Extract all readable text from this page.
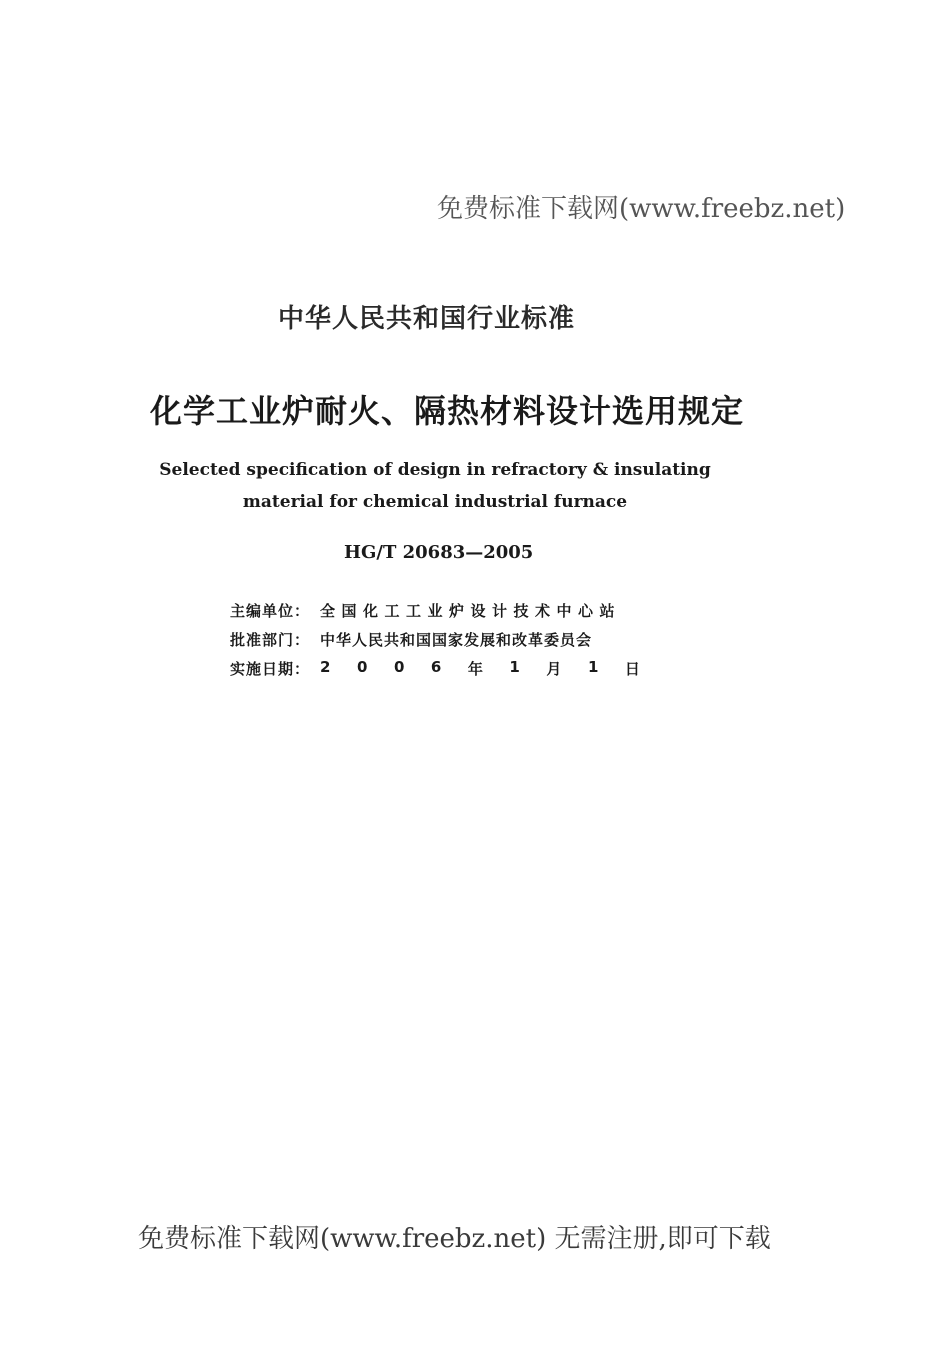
免费标准下载网(www.freebz.net)
中华人民共和国行业标准
化学工业炉耐火、隔热材料设计选用规定
Selected specification of design in refractory & insulating
material for chemical industrial furnace
HG/T 20683—2005
主编单位： 全国化工工业炉设计技术中心站
批准部门： 中华人民共和国国家发展和改革委员会
实施日期： 2 0 0 6 年 1 月 1 日
免费标准下载网(www.freebz.net) 无需注册,即可下载
